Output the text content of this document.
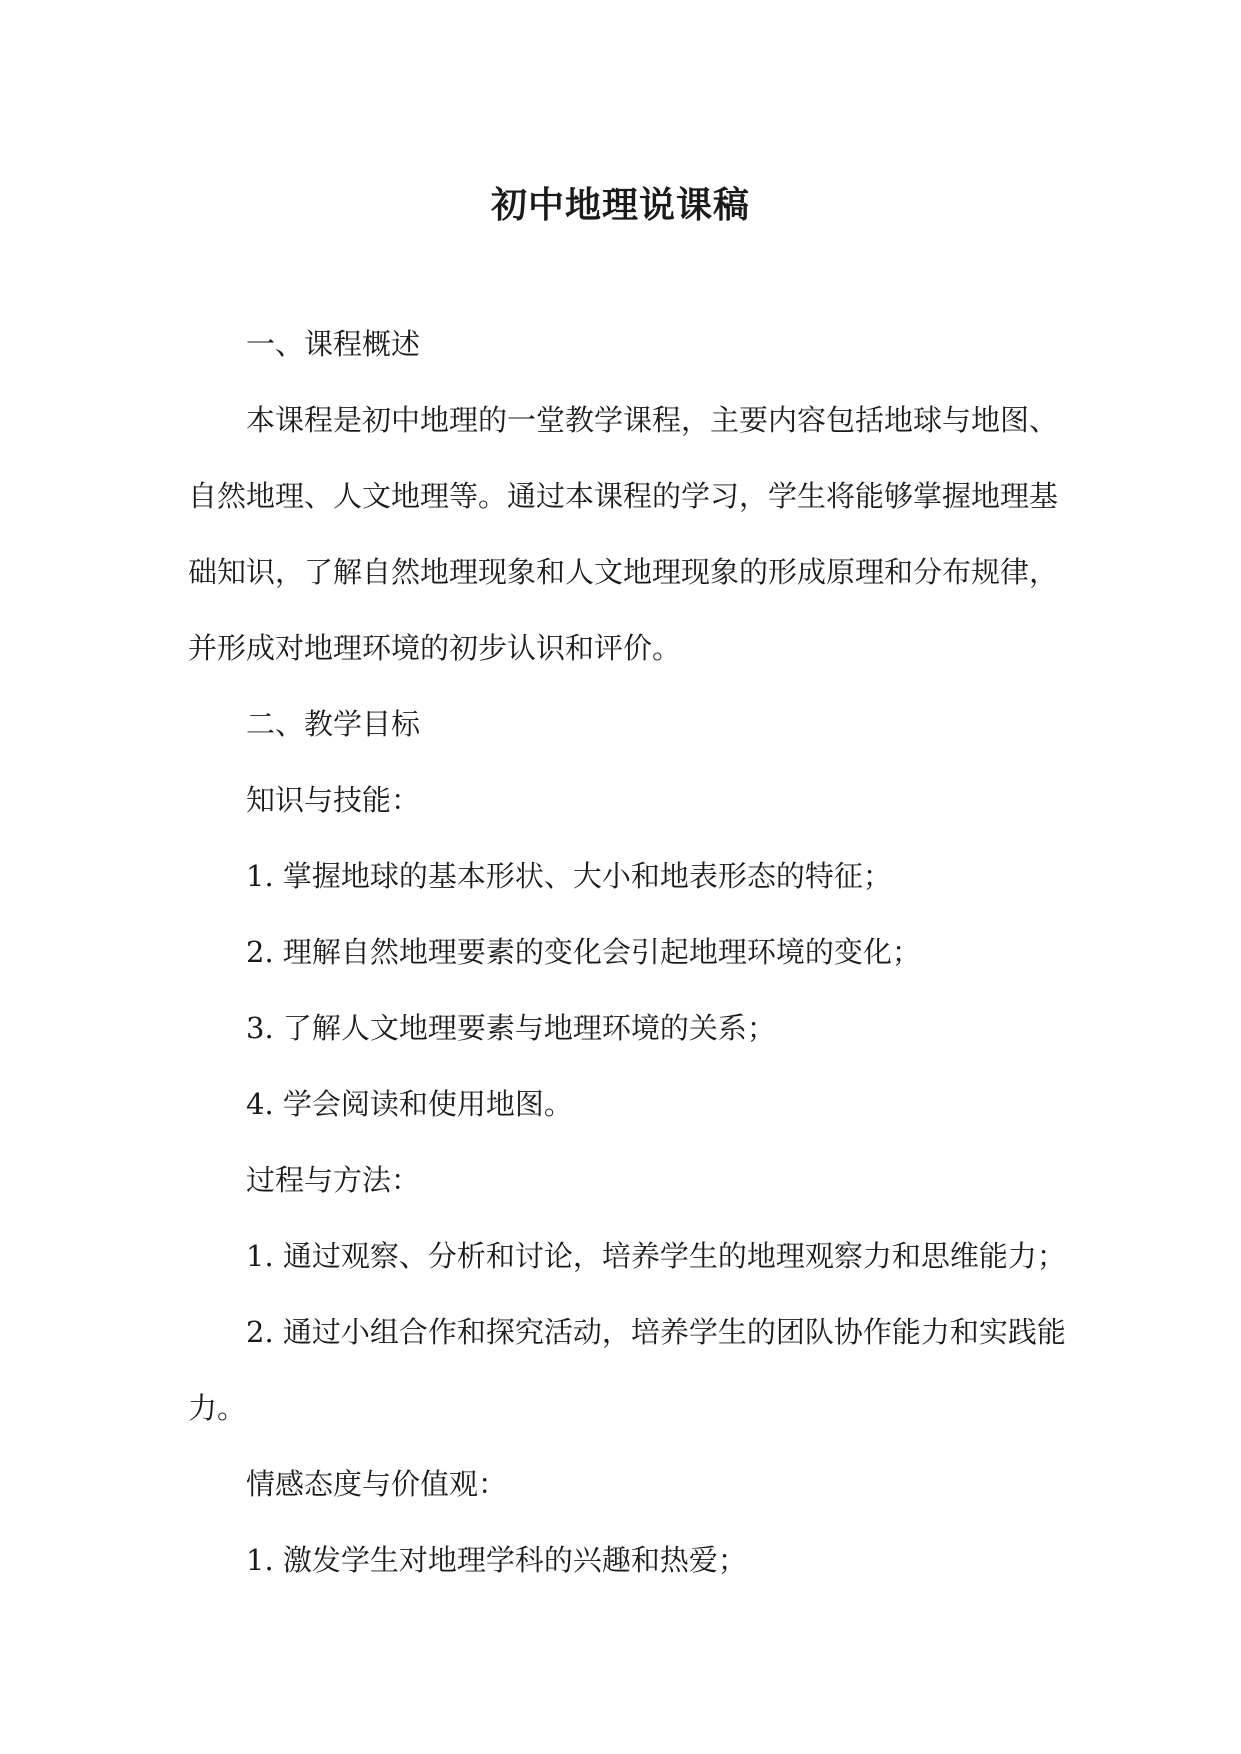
初中地理说课稿

一、课程概述

本课程是初中地理的一堂教学课程，主要内容包括地球与地图、自然地理、人文地理等。通过本课程的学习，学生将能够掌握地理基础知识，了解自然地理现象和人文地理现象的形成原理和分布规律，并形成对地理环境的初步认识和评价。

二、教学目标

知识与技能：

1. 掌握地球的基本形状、大小和地表形态的特征；

2. 理解自然地理要素的变化会引起地理环境的变化；

3. 了解人文地理要素与地理环境的关系；

4. 学会阅读和使用地图。

过程与方法：

1. 通过观察、分析和讨论，培养学生的地理观察力和思维能力；

2. 通过小组合作和探究活动，培养学生的团队协作能力和实践能力。

情感态度与价值观：

1. 激发学生对地理学科的兴趣和热爱；
